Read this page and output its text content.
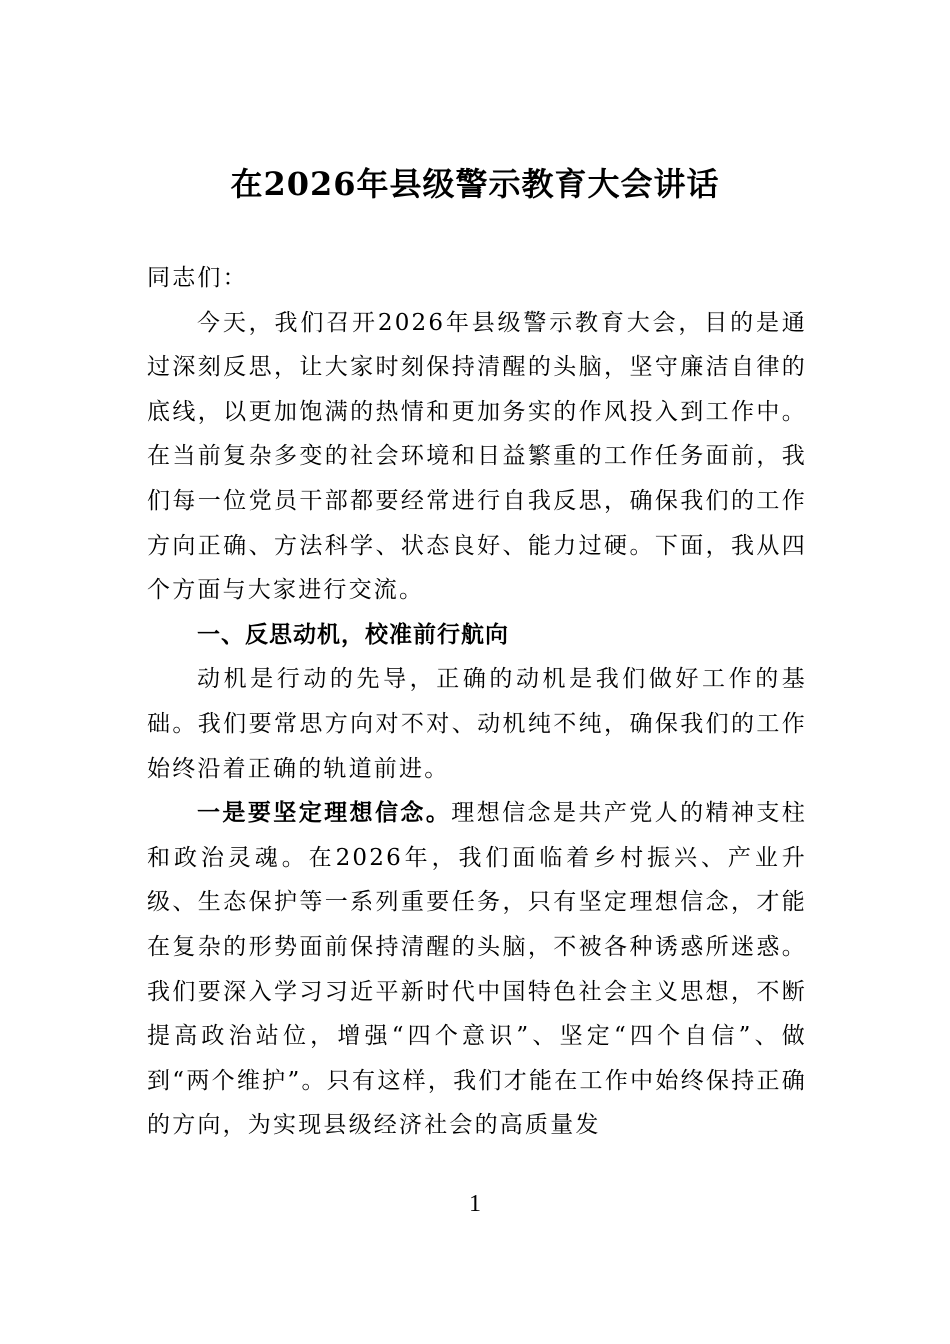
在2026年县级警示教育大会讲话

同志们：

今天，我们召开2026年县级警示教育大会，目的是通过深刻反思，让大家时刻保持清醒的头脑，坚守廉洁自律的底线，以更加饱满的热情和更加务实的作风投入到工作中。在当前复杂多变的社会环境和日益繁重的工作任务面前，我们每一位党员干部都要经常进行自我反思，确保我们的工作方向正确、方法科学、状态良好、能力过硬。下面，我从四个方面与大家进行交流。

一、反思动机，校准前行航向

动机是行动的先导，正确的动机是我们做好工作的基础。我们要常思方向对不对、动机纯不纯，确保我们的工作始终沿着正确的轨道前进。

一是要坚定理想信念。理想信念是共产党人的精神支柱和政治灵魂。在2026年，我们面临着乡村振兴、产业升级、生态保护等一系列重要任务，只有坚定理想信念，才能在复杂的形势面前保持清醒的头脑，不被各种诱惑所迷惑。我们要深入学习习近平新时代中国特色社会主义思想，不断提高政治站位，增强“四个意识”、坚定“四个自信”、做到“两个维护”。只有这样，我们才能在工作中始终保持正确的方向，为实现县级经济社会的高质量发

1
